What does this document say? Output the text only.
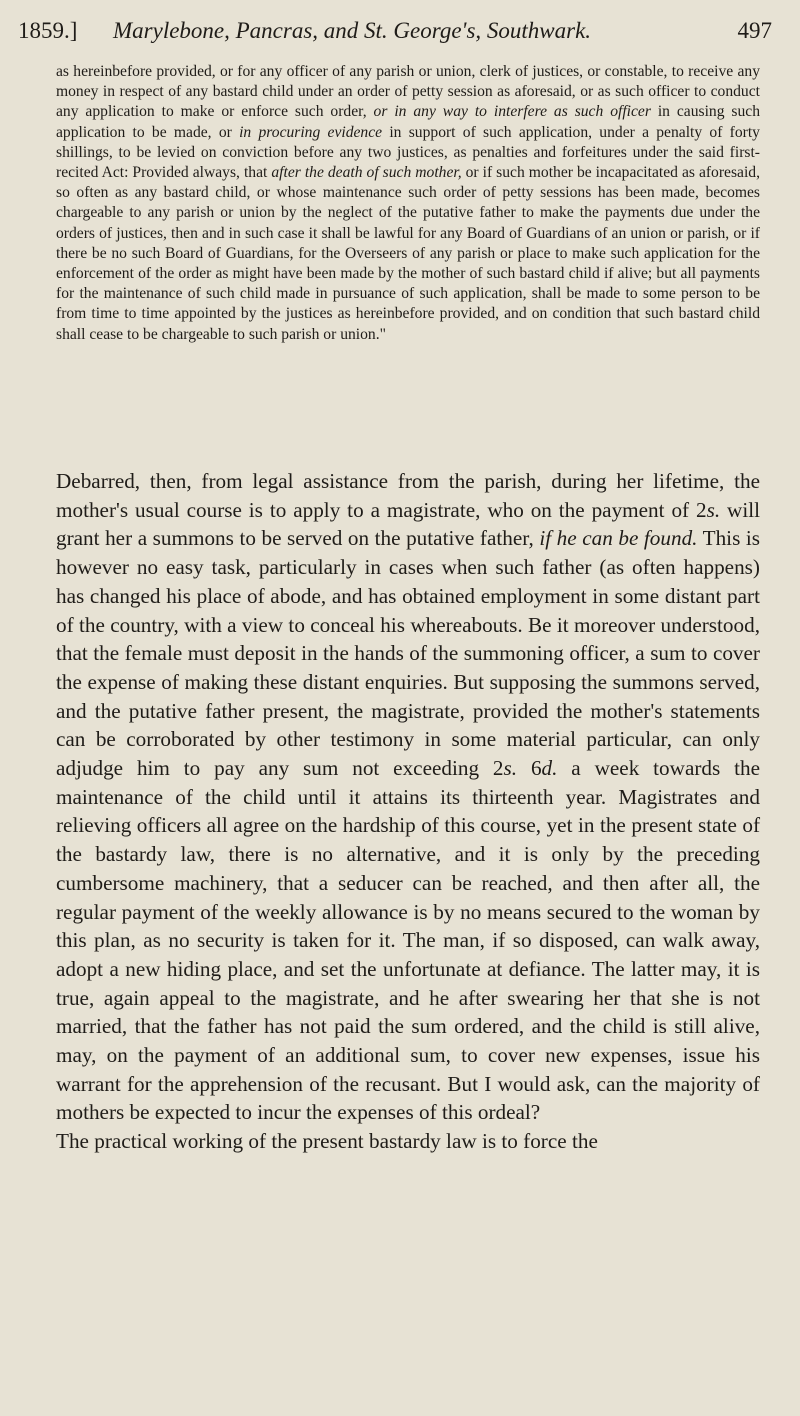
1859.] Marylebone, Pancras, and St. George's, Southwark.	497

as hereinbefore provided, or for any officer of any parish or union, clerk of justices, or constable, to receive any money in respect of any bastard child under an order of petty session as aforesaid, or as such officer to conduct any application to make or enforce such order, or in any way to interfere as such officer in causing such application to be made, or in procuring evidence in support of such application, under a penalty of forty shillings, to be levied on conviction before any two justices, as penalties and forfeitures under the said first-recited Act: Provided always, that after the death of such mother, or if such mother be incapacitated as aforesaid, so often as any bastard child, or whose maintenance such order of petty sessions has been made, becomes chargeable to any parish or union by the neglect of the putative father to make the payments due under the orders of justices, then and in such case it shall be lawful for any Board of Guardians of an union or parish, or if there be no such Board of Guardians, for the Overseers of any parish or place to make such application for the enforcement of the order as might have been made by the mother of such bastard child if alive; but all payments for the maintenance of such child made in pursuance of such application, shall be made to some person to be from time to time appointed by the justices as hereinbefore provided, and on condition that such bastard child shall cease to be chargeable to such parish or union."

Debarred, then, from legal assistance from the parish, during her lifetime, the mother's usual course is to apply to a magistrate, who on the payment of 2s. will grant her a summons to be served on the putative father, if he can be found. This is however no easy task, particularly in cases when such father (as often happens) has changed his place of abode, and has obtained employment in some distant part of the country, with a view to conceal his whereabouts. Be it moreover understood, that the female must deposit in the hands of the summoning officer, a sum to cover the expense of making these distant enquiries. But supposing the summons served, and the putative father present, the magistrate, provided the mother's statements can be corroborated by other testimony in some material particular, can only adjudge him to pay any sum not exceeding 2s. 6d. a week towards the maintenance of the child until it attains its thirteenth year. Magistrates and relieving officers all agree on the hardship of this course, yet in the present state of the bastardy law, there is no alternative, and it is only by the preceding cumbersome machinery, that a seducer can be reached, and then after all, the regular payment of the weekly allowance is by no means secured to the woman by this plan, as no security is taken for it. The man, if so disposed, can walk away, adopt a new hiding place, and set the unfortunate at defiance. The latter may, it is true, again appeal to the magistrate, and he after swearing her that she is not married, that the father has not paid the sum ordered, and the child is still alive, may, on the payment of an additional sum, to cover new expenses, issue his warrant for the apprehension of the recusant. But I would ask, can the majority of mothers be expected to incur the expenses of this ordeal?

The practical working of the present bastardy law is to force the
